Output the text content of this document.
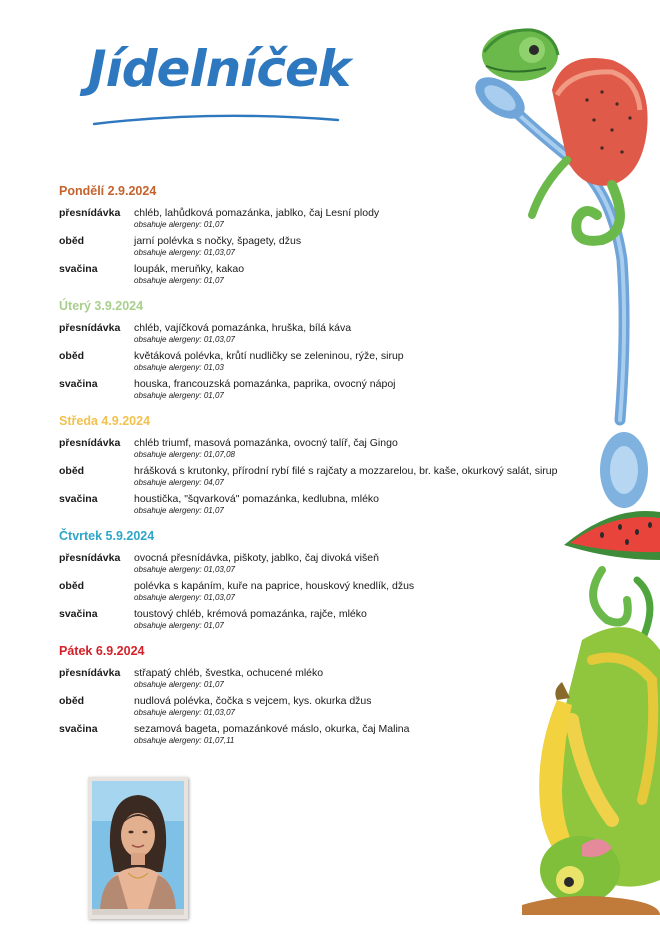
Jídelníček
Pondělí 2.9.2024
přesnídávka chléb, lahůdková pomazánka, jablko, čaj Lesní plody
obsahuje alergeny: 01,07
oběd	jarní polévka s nočky, špagety, džus
obsahuje alergeny: 01,03,07
svačina	loupák, meruňky, kakao
obsahuje alergeny: 01,07
Úterý 3.9.2024
přesnídávka chléb, vajíčková pomazánka, hruška, bílá káva
obsahuje alergeny: 01,03,07
oběd	květáková polévka, krůtí nudličky se zeleninou, rýže, sirup
obsahuje alergeny: 01,03
svačina	houska, francouzská pomazánka, paprika, ovocný nápoj
obsahuje alergeny: 01,07
Středa 4.9.2024
přesnídávka chléb triumf, masová pomazánka, ovocný talíř, čaj Gingo
obsahuje alergeny: 01,07,08
oběd	hrášková s krutonky, přírodní rybí filé s rajčaty a mozzarelou, br. kaše, okurkový salát, sirup
obsahuje alergeny: 04,07
svačina	houstička, "šqvarková" pomazánka, kedlubna, mléko
obsahuje alergeny: 01,07
Čtvrtek 5.9.2024
přesnídávka ovocná přesnídávka, piškoty, jablko, čaj divoká višeň
obsahuje alergeny: 01,03,07
oběd	polévka s kapáním, kuře na paprice, houskový knedlík, džus
obsahuje alergeny: 01,03,07
svačina	toustový chléb, krémová pomazánka, rajče, mléko
obsahuje alergeny: 01,07
Pátek 6.9.2024
přesnídávka střapatý chléb, švestka, ochucené mléko
obsahuje alergeny: 01,07
oběd	nudlová polévka, čočka s vejcem, kys. okurka džus
obsahuje alergeny: 01,03,07
svačina	sezamová bageta, pomazánkové máslo, okurka, čaj Malina
obsahuje alergeny: 01,07,11
